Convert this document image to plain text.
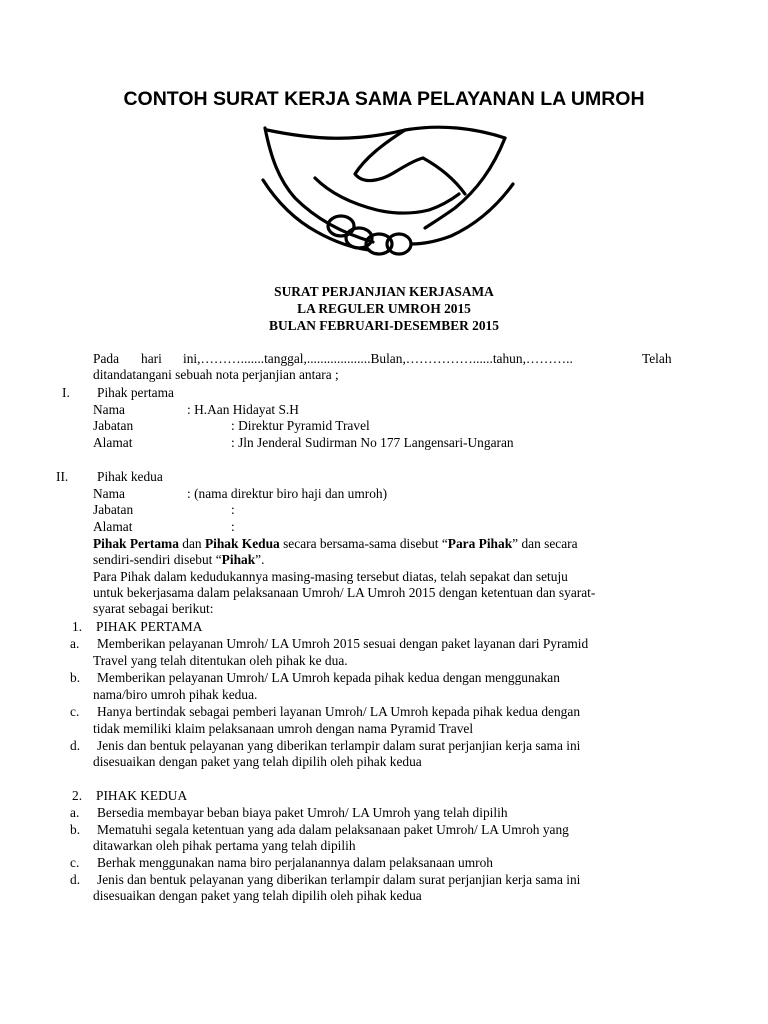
CONTOH SURAT KERJA SAMA PELAYANAN LA UMROH
SURAT PERJANJIAN KERJASAMA
LA REGULER UMROH 2015
BULAN FEBRUARI-DESEMBER 2015
Pada hari ini,……….......tanggal,...................Bulan,……………......tahun,………..	Telah
ditandatangani sebuah nota perjanjian antara ;
I. Pihak pertama
Nama	: H.Aan Hidayat S.H
Jabatan	: Direktur Pyramid Travel
Alamat	: Jln Jenderal Sudirman No 177 Langensari-Ungaran
II. Pihak kedua
Nama	: (nama direktur biro haji dan umroh)
Jabatan	:
Alamat	:
Pihak Pertama dan Pihak Kedua secara bersama-sama disebut “Para Pihak” dan secara
sendiri-sendiri disebut “Pihak”.
Para Pihak dalam kedudukannya masing-masing tersebut diatas, telah sepakat dan setuju
untuk bekerjasama dalam pelaksanaan Umroh/ LA Umroh 2015 dengan ketentuan dan syarat-
syarat sebagai berikut:
1. PIHAK PERTAMA
a. Memberikan pelayanan Umroh/ LA Umroh 2015 sesuai dengan paket layanan dari Pyramid
Travel yang telah ditentukan oleh pihak ke dua.
b. Memberikan pelayanan Umroh/ LA Umroh kepada pihak kedua dengan menggunakan
nama/biro umroh pihak kedua.
c. Hanya bertindak sebagai pemberi layanan Umroh/ LA Umroh kepada pihak kedua dengan
tidak memiliki klaim pelaksanaan umroh dengan nama Pyramid Travel
d. Jenis dan bentuk pelayanan yang diberikan terlampir dalam surat perjanjian kerja sama ini
disesuaikan dengan paket yang telah dipilih oleh pihak kedua
2. PIHAK KEDUA
a. Bersedia membayar beban biaya paket Umroh/ LA Umroh yang telah dipilih
b. Mematuhi segala ketentuan yang ada dalam pelaksanaan paket Umroh/ LA Umroh yang
ditawarkan oleh pihak pertama yang telah dipilih
c. Berhak menggunakan nama biro perjalanannya dalam pelaksanaan umroh
d. Jenis dan bentuk pelayanan yang diberikan terlampir dalam surat perjanjian kerja sama ini
disesuaikan dengan paket yang telah dipilih oleh pihak kedua
